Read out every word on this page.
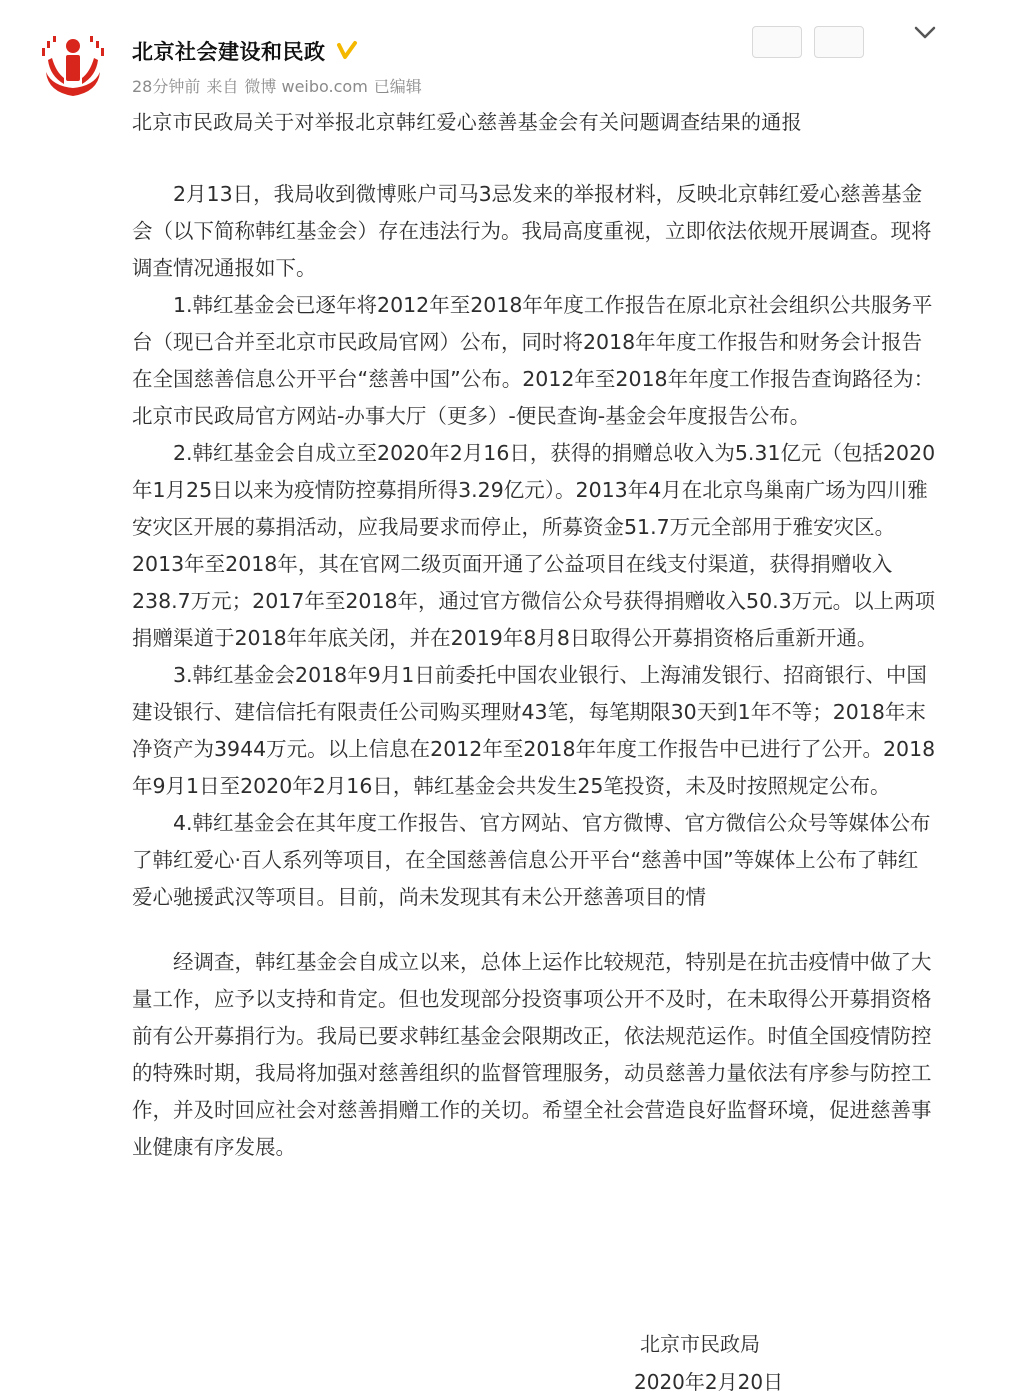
北京社会建设和民政
28分钟前 来自 微博 weibo.com 已编辑
北京市民政局关于对举报北京韩红爱心慈善基金会有关问题调查结果的通报

2月13日，我局收到微博账户司马3忌发来的举报材料，反映北京韩红爱心慈善基金会（以下简称韩红基金会）存在违法行为。我局高度重视，立即依法依规开展调查。现将调查情况通报如下。

1.韩红基金会已逐年将2012年至2018年年度工作报告在原北京社会组织公共服务平台（现已合并至北京市民政局官网）公布，同时将2018年年度工作报告和财务会计报告在全国慈善信息公开平台“慈善中国”公布。2012年至2018年年度工作报告查询路径为：北京市民政局官方网站-办事大厅（更多）-便民查询-基金会年度报告公布。

2.韩红基金会自成立至2020年2月16日，获得的捐赠总收入为5.31亿元（包括2020年1月25日以来为疫情防控募捐所得3.29亿元）。2013年4月在北京鸟巢南广场为四川雅安灾区开展的募捐活动，应我局要求而停止，所募资金51.7万元全部用于雅安灾区。2013年至2018年，其在官网二级页面开通了公益项目在线支付渠道，获得捐赠收入238.7万元；2017年至2018年，通过官方微信公众号获得捐赠收入50.3万元。以上两项捐赠渠道于2018年年底关闭，并在2019年8月8日取得公开募捐资格后重新开通。

3.韩红基金会2018年9月1日前委托中国农业银行、上海浦发银行、招商银行、中国建设银行、建信信托有限责任公司购买理财43笔，每笔期限30天到1年不等；2018年末净资产为3944万元。以上信息在2012年至2018年年度工作报告中已进行了公开。2018年9月1日至2020年2月16日，韩红基金会共发生25笔投资，未及时按照规定公布。

4.韩红基金会在其年度工作报告、官方网站、官方微博、官方微信公众号等媒体公布了韩红爱心·百人系列等项目，在全国慈善信息公开平台“慈善中国”等媒体上公布了韩红爱心驰援武汉等项目。目前，尚未发现其有未公开慈善项目的情

经调查，韩红基金会自成立以来，总体上运作比较规范，特别是在抗击疫情中做了大量工作，应予以支持和肯定。但也发现部分投资事项公开不及时，在未取得公开募捐资格前有公开募捐行为。我局已要求韩红基金会限期改正，依法规范运作。时值全国疫情防控的特殊时期，我局将加强对慈善组织的监督管理服务，动员慈善力量依法有序参与防控工作，并及时回应社会对慈善捐赠工作的关切。希望全社会营造良好监督环境，促进慈善事业健康有序发展。

北京市民政局
2020年2月20日
